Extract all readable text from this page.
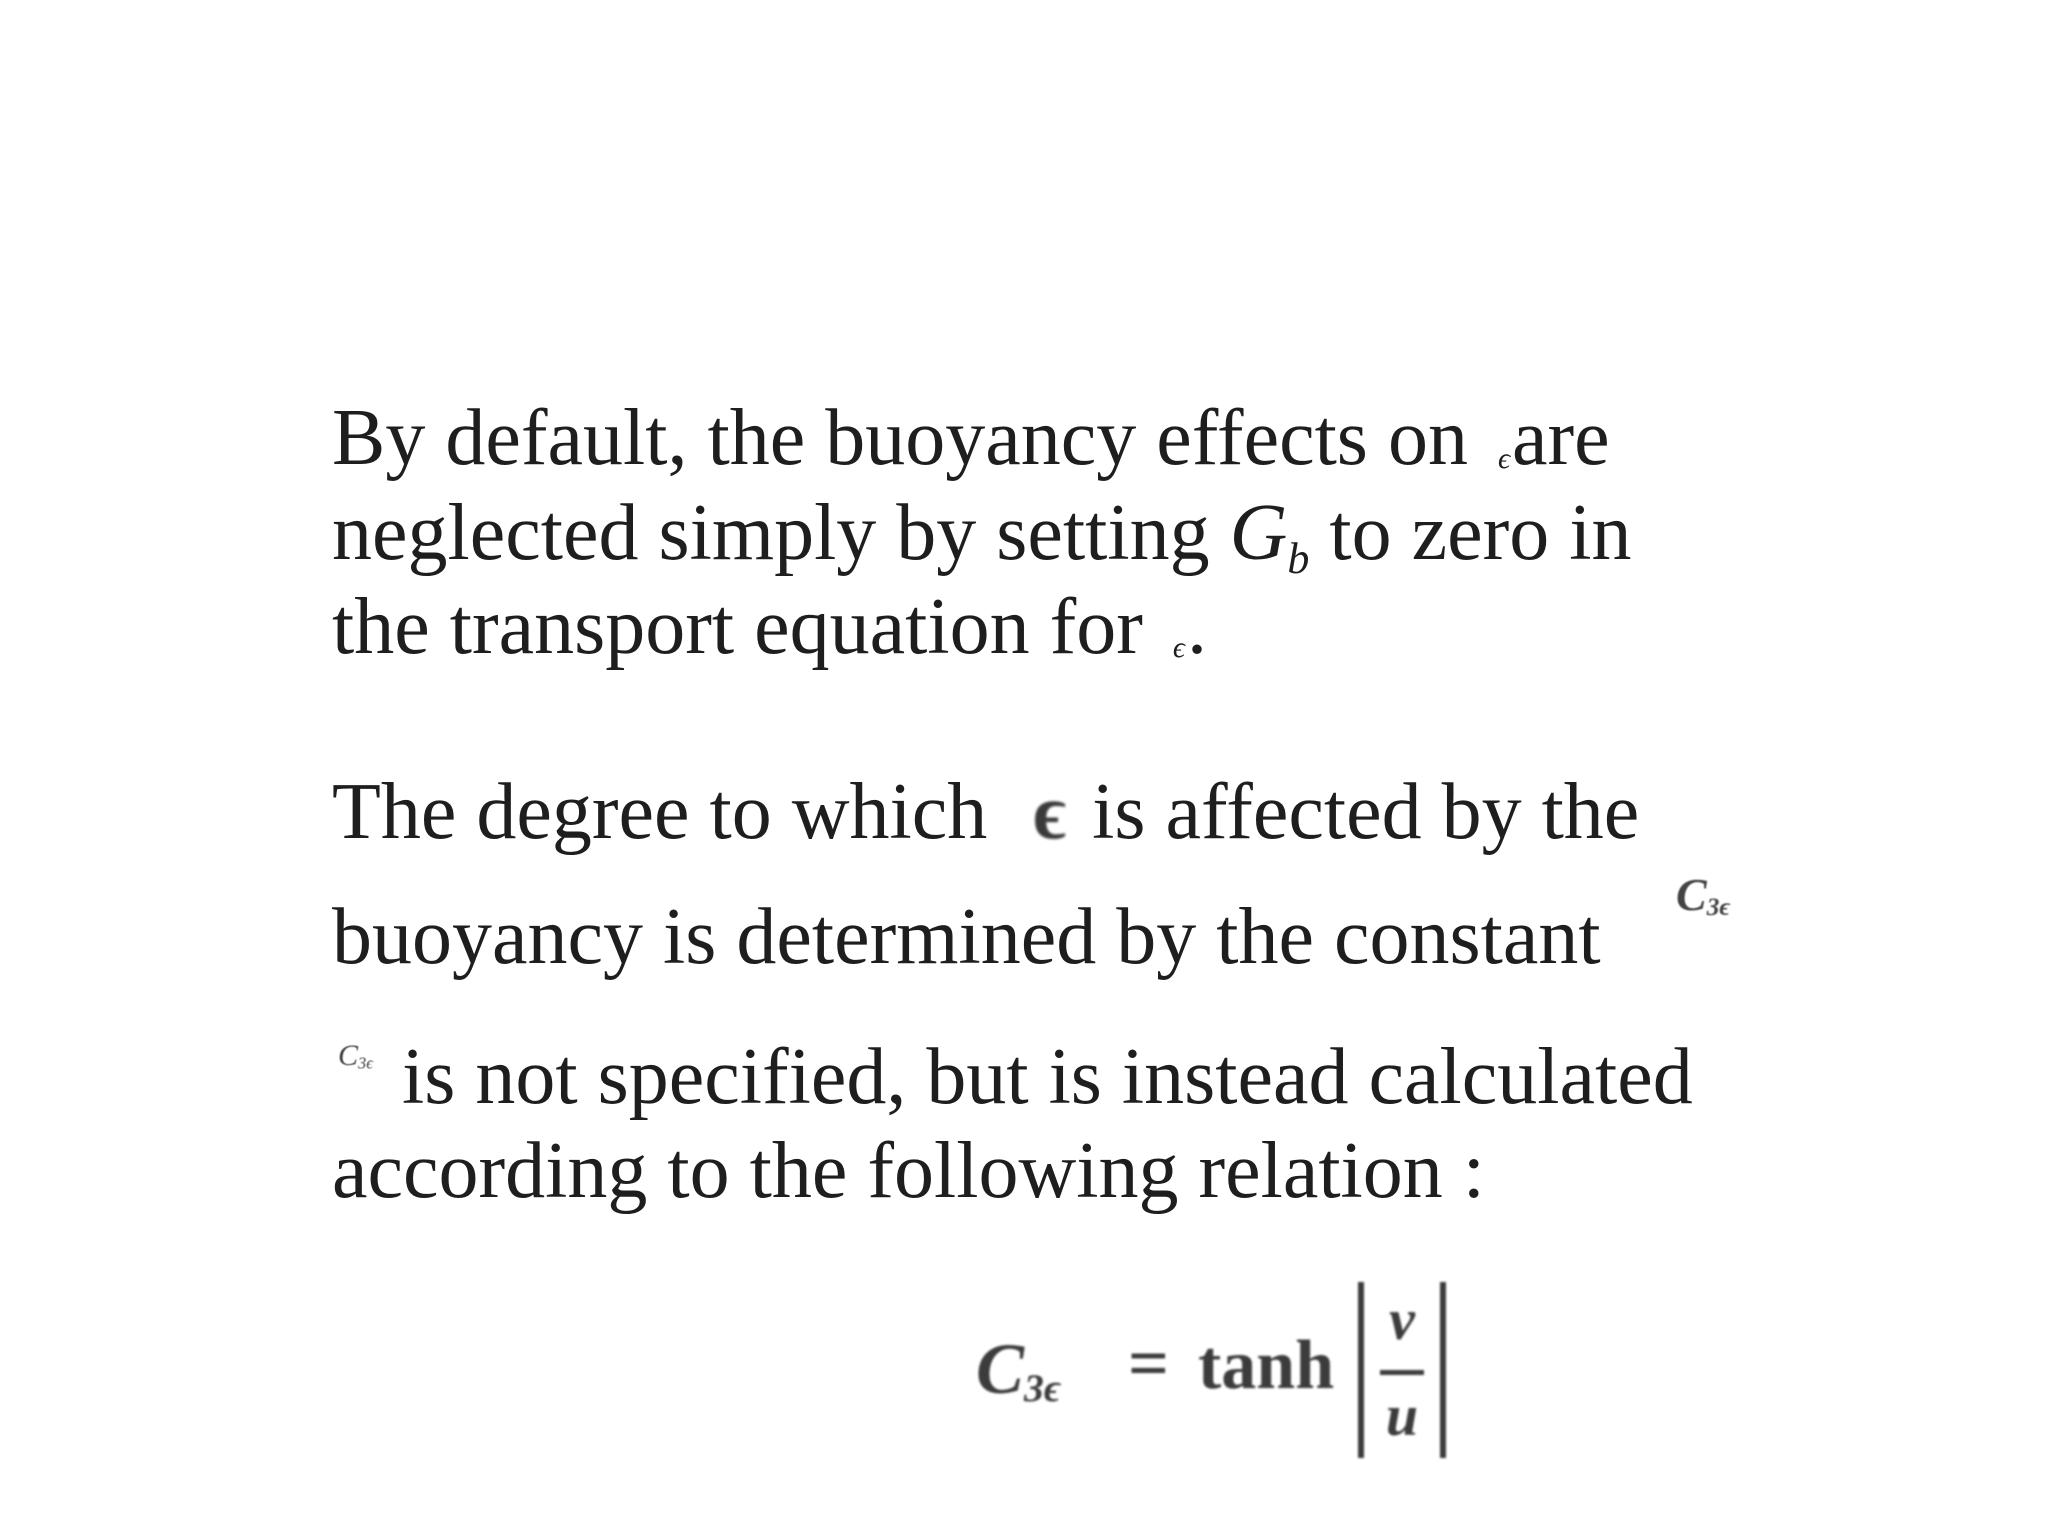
By default, the buoyancy effects on ϵare
neglected simply by setting $G_b$ to zero in
the transport equation for ϵ.
The degree to which ϵ is affected by the
buoyancy is determined by the constant $C_{3\epsilon}$
$C_{3\epsilon}$ is not specified, but is instead calculated
according to the following relation :
$C_{3\epsilon} = \tanh$
v
u
